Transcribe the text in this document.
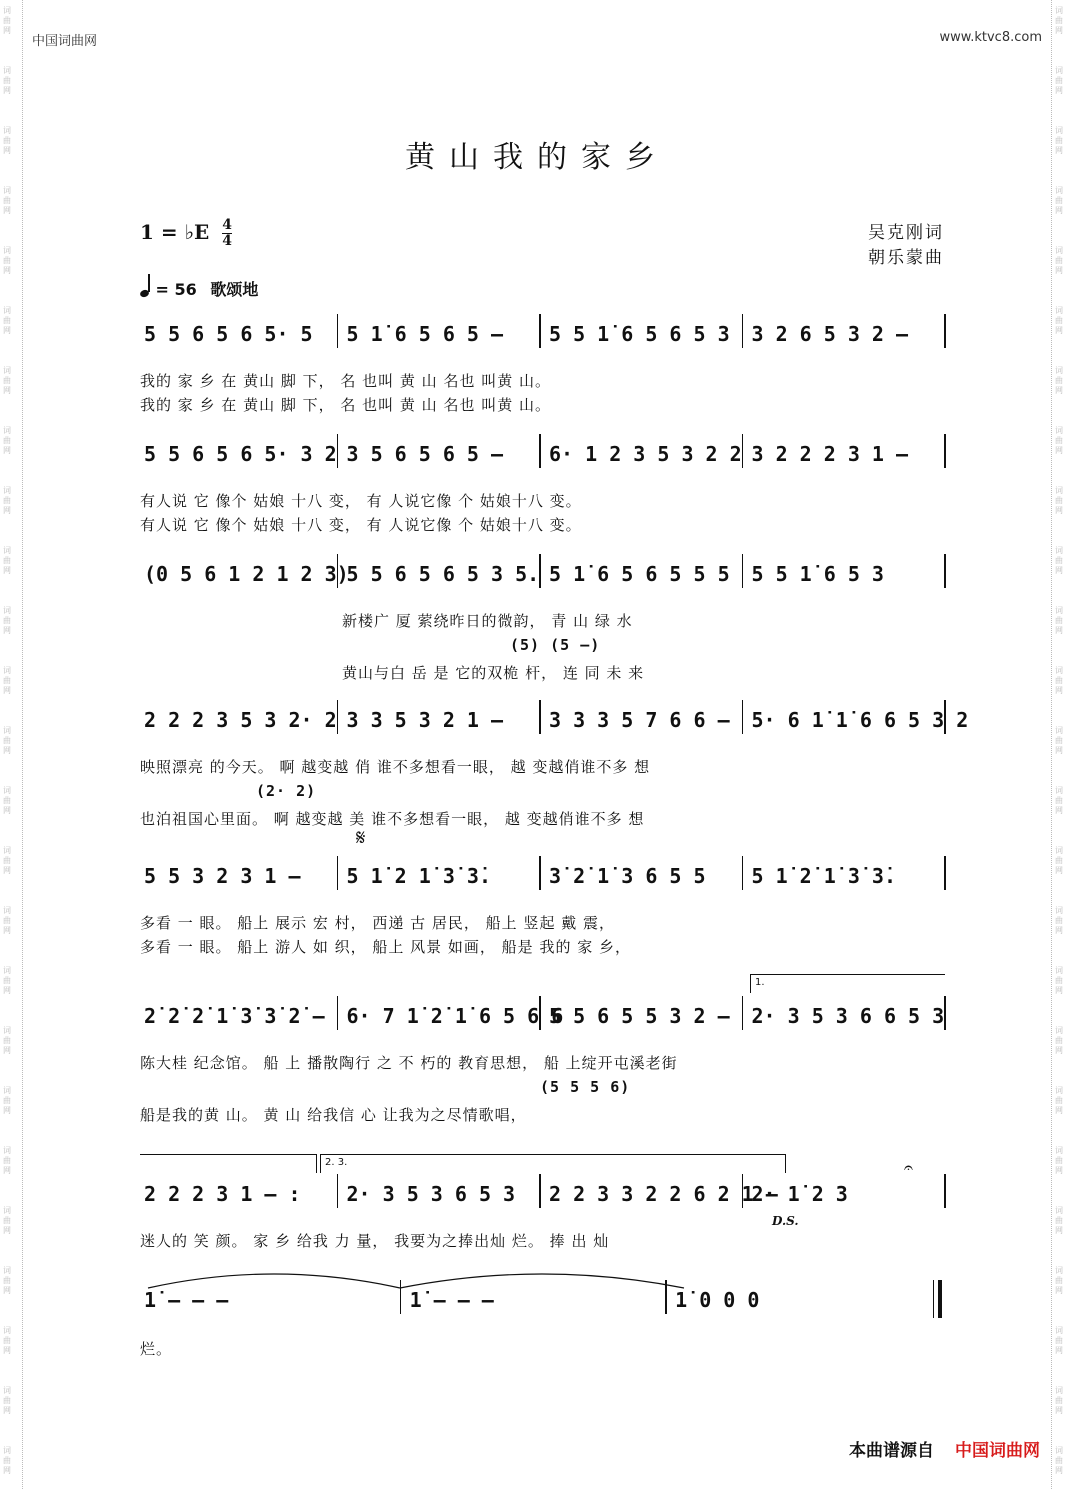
词
曲
网
词
曲
网
词
曲
网
词
曲
网
词
曲
网
词
曲
网
词
曲
网
词
曲
网
词
曲
网
词
曲
网
词
曲
网
词
曲
网
词
曲
网
词
曲
网
词
曲
网
词
曲
网
词
曲
网
词
曲
网
词
曲
网
词
曲
网
词
曲
网
词
曲
网
词
曲
网
词
曲
网
词
曲
网
词
曲
网
词
曲
网
词
曲
网
词
曲
网
词
曲
网
词
曲
网
词
曲
网
词
曲
网
词
曲
网
词
曲
网
词
曲
网
词
曲
网
词
曲
网
词
曲
网
词
曲
网
词
曲
网
词
曲
网
词
曲
网
词
曲
网
词
曲
网
词
曲
网
词
曲
网
词
曲
网
词
曲
网
词
曲
网
中国词曲网	www.ktvc8.com
黄山我的家乡
1 = ♭E $\frac{4}{4}$	吴克刚词
朝乐蒙曲
= 56 歌颂地
5 5 6 5 6 5· 5 5 1̇ 6 5 6 5 – 5 5 1̇ 6 5 6 5 3 3 2 6 5 3 2 –
我的 家 乡 在 黄山 脚 下， 名 也叫 黄 山 名也 叫黄 山。
我的 家 乡 在 黄山 脚 下， 名 也叫 黄 山 名也 叫黄 山。
5 5 6 5 6 5· 3 2 3 5 6 5 6 5 – 6· 1 2 3 5 3 2 2 3 2 2 2 3 1 –
有人说 它 像个 姑娘 十八 变， 有 人说它像 个 姑娘十八 变。
有人说 它 像个 姑娘 十八 变， 有 人说它像 个 姑娘十八 变。
(0 5 6 1 2 1 2 3)
5 5 6 5 6 5 3 5. 5 1̇ 6 5 6 5 5 5 5 5 1̇ 6 5 3
新楼广 厦 萦绕昨日的微韵， 青 山 绿 水
(5) (5 –)
黄山与白 岳 是 它的双桅 杆， 连 同 未 来
2 2 2 3 5 3 2· 2 3 3 5 3 2 1 – 3 3 3 5 7 6 6 – 5· 6 1̇ 1̇ 6 6 5 3 2
映照漂亮 的今天。 啊 越变越 俏 谁不多想看一眼， 越 变越俏谁不多 想
(2· 2)
也泊祖国心里面。 啊 越变越 美 谁不多想看一眼， 越 变越俏谁不多 想
5 5 3 2 3 1 – 5 1̇ 2 1̇ 3̇ 3̇.	3̇ 2̇ 1̇ 3 6 5 5 5 1̇ 2̇ 1̇ 3̇ 3̇.
多看 一 眼。 船上 展示 宏 村， 西递 古 居民， 船上 竖起 戴 震，
多看 一 眼。 船上 游人 如 织， 船上 风景 如画， 船是 我的 家 乡，
𝄋
2̇ 2̇ 2̇ 1̇ 3̇ 3̇ 2̇ – 6· 7 1̇ 2̇ 1̇ 6 5 6 6
5 5 6 5 5 3 2 – 2· 3 5 3 6 6 5 3
陈大桂 纪念馆。 船 上 播散陶行 之 不 朽的 教育思想， 船 上绽开屯溪老街
(5 5 5 6)
船是我的黄 山。 黄 山 给我信 心 让我为之尽情歌唱，
1.
2 2 2 3 1 – : 2· 3 5 3 6 5 3 2 2 3 3 2 2 6 2 1 –
2· 1̇ 2 3
迷人的 笑 颜。 家 乡 给我 力 量， 我要为之捧出灿 烂。 捧 出 灿
2. 3.
D.S.
𝄐
1̇ – – –	1̇ – – –	1̇ 0 0 0
烂。
本曲谱源自 中国词曲网
